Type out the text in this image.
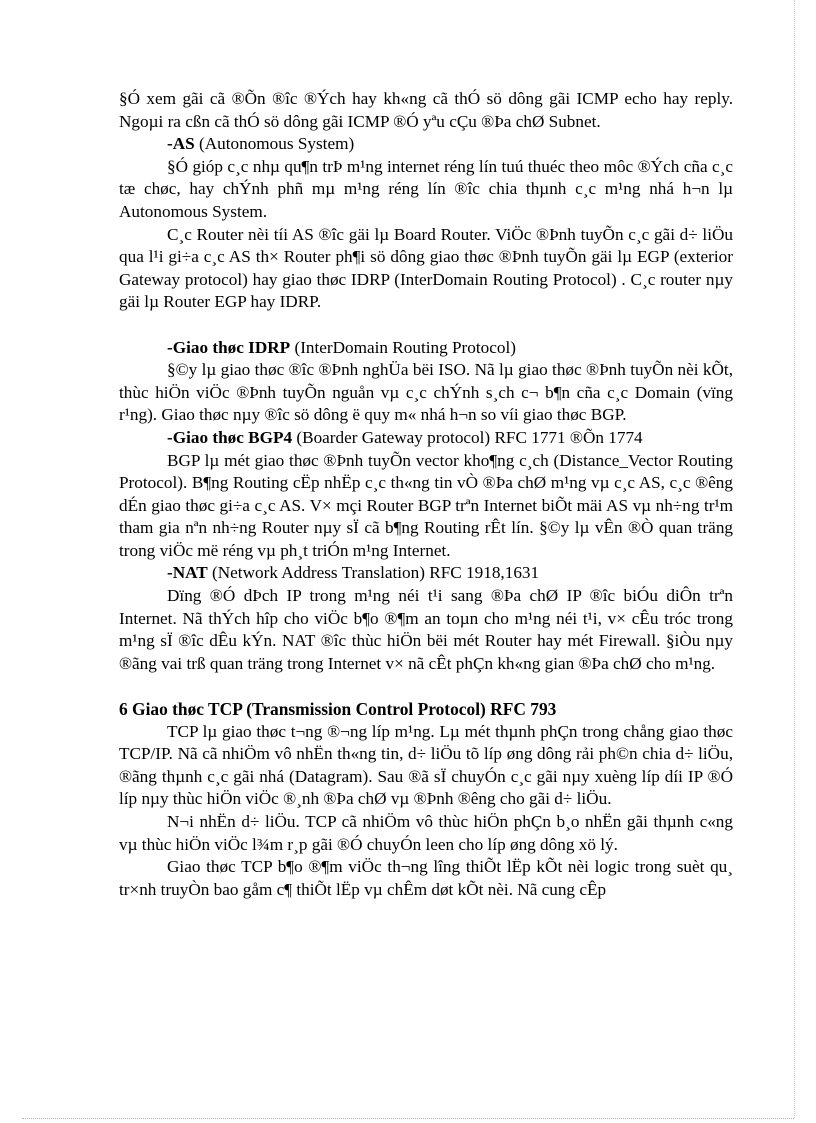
§Ó xem gãi cã ®Õn ®îc ®Ých hay kh«ng cã thÓ sö dông gãi ICMP echo hay reply. Ngoµi ra cßn cã thÓ sö dông gãi ICMP ®Ó yªu cÇu ®Þa chØ Subnet.

-AS (Autonomous System)

§Ó gióp c¸c nhµ qu¶n trÞ m¹ng internet réng lín tuú thuéc theo môc ®Ých cña c¸c tæ chøc, hay chÝnh phñ mµ m¹ng réng lín ®îc chia thµnh c¸c m¹ng nhá h¬n lµ Autonomous System.

C¸c Router nèi tíi AS ®îc gäi lµ Board Router. ViÖc ®Þnh tuyÕn c¸c gãi d÷ liÖu qua l¹i gi÷a c¸c AS th× Router ph¶i sö dông giao thøc ®Þnh tuyÕn gäi lµ EGP (exterior Gateway protocol) hay giao thøc IDRP (InterDomain Routing Protocol) . C¸c router nµy gäi lµ Router EGP hay IDRP.

-Giao thøc IDRP (InterDomain Routing Protocol)

§©y lµ giao thøc ®îc ®Þnh nghÜa bëi ISO. Nã lµ giao thøc ®Þnh tuyÕn nèi kÕt, thùc hiÖn viÖc ®Þnh tuyÕn nguån vµ c¸c chÝnh s¸ch c¬ b¶n cña c¸c Domain (vïng r¹ng). Giao thøc nµy ®îc sö dông ë quy m« nhá h¬n so víi giao thøc BGP.

-Giao thøc BGP4 (Boarder Gateway protocol) RFC 1771 ®Õn 1774

BGP lµ mét giao thøc ®Þnh tuyÕn vector kho¶ng c¸ch (Distance_Vector Routing Protocol). B¶ng Routing cËp nhËp c¸c th«ng tin vÒ ®Þa chØ m¹ng vµ c¸c AS, c¸c ®êng dÉn giao thøc gi÷a c¸c AS. V× mçi Router BGP trªn Internet biÕt mäi AS vµ nh÷ng tr¹m tham gia nªn nh÷ng Router nµy sÏ cã b¶ng Routing rÊt lín. §©y lµ vÊn ®Ò quan träng trong viÖc më réng vµ ph¸t triÓn m¹ng Internet.

-NAT (Network Address Translation) RFC 1918,1631

Dïng ®Ó dÞch IP trong m¹ng néi t¹i sang ®Þa chØ IP ®îc biÓu diÔn trªn Internet. Nã thÝch hîp cho viÖc b¶o ®¶m an toµn cho m¹ng néi t¹i, v× cÊu tróc trong m¹ng sÏ ®îc dÊu kÝn. NAT ®îc thùc hiÖn bëi mét Router hay mét Firewall. §iÒu nµy ®ãng vai trß quan träng trong Internet v× nã cÊt phÇn kh«ng gian ®Þa chØ cho m¹ng.

6 Giao thøc TCP (Transmission Control Protocol) RFC 793

TCP lµ giao thøc t¬ng ®¬ng líp m¹ng. Lµ mét thµnh phÇn trong chång giao thøc TCP/IP. Nã cã nhiÖm vô nhËn th«ng tin, d÷ liÖu tõ líp øng dông rải ph©n chia d÷ liÖu, ®ãng thµnh c¸c gãi nhá (Datagram). Sau ®ã sÏ chuyÓn c¸c gãi nµy xuèng líp díi IP ®Ó líp nµy thùc hiÖn viÖc ®¸nh ®Þa chØ vµ ®Þnh ®êng cho gãi d÷ liÖu.

N¬i nhËn d÷ liÖu. TCP cã nhiÖm vô thùc hiÖn phÇn b¸o nhËn gãi thµnh c«ng vµ thùc hiÖn viÖc l¾m r¸p gãi ®Ó chuyÓn leen cho líp øng dông xö lý.

Giao thøc TCP b¶o ®¶m viÖc th¬ng lîng thiÕt lËp kÕt nèi logic trong suèt qu¸ tr×nh truyÒn bao gåm c¶ thiÕt lËp vµ chÊm døt kÕt nèi. Nã cung cÊp
